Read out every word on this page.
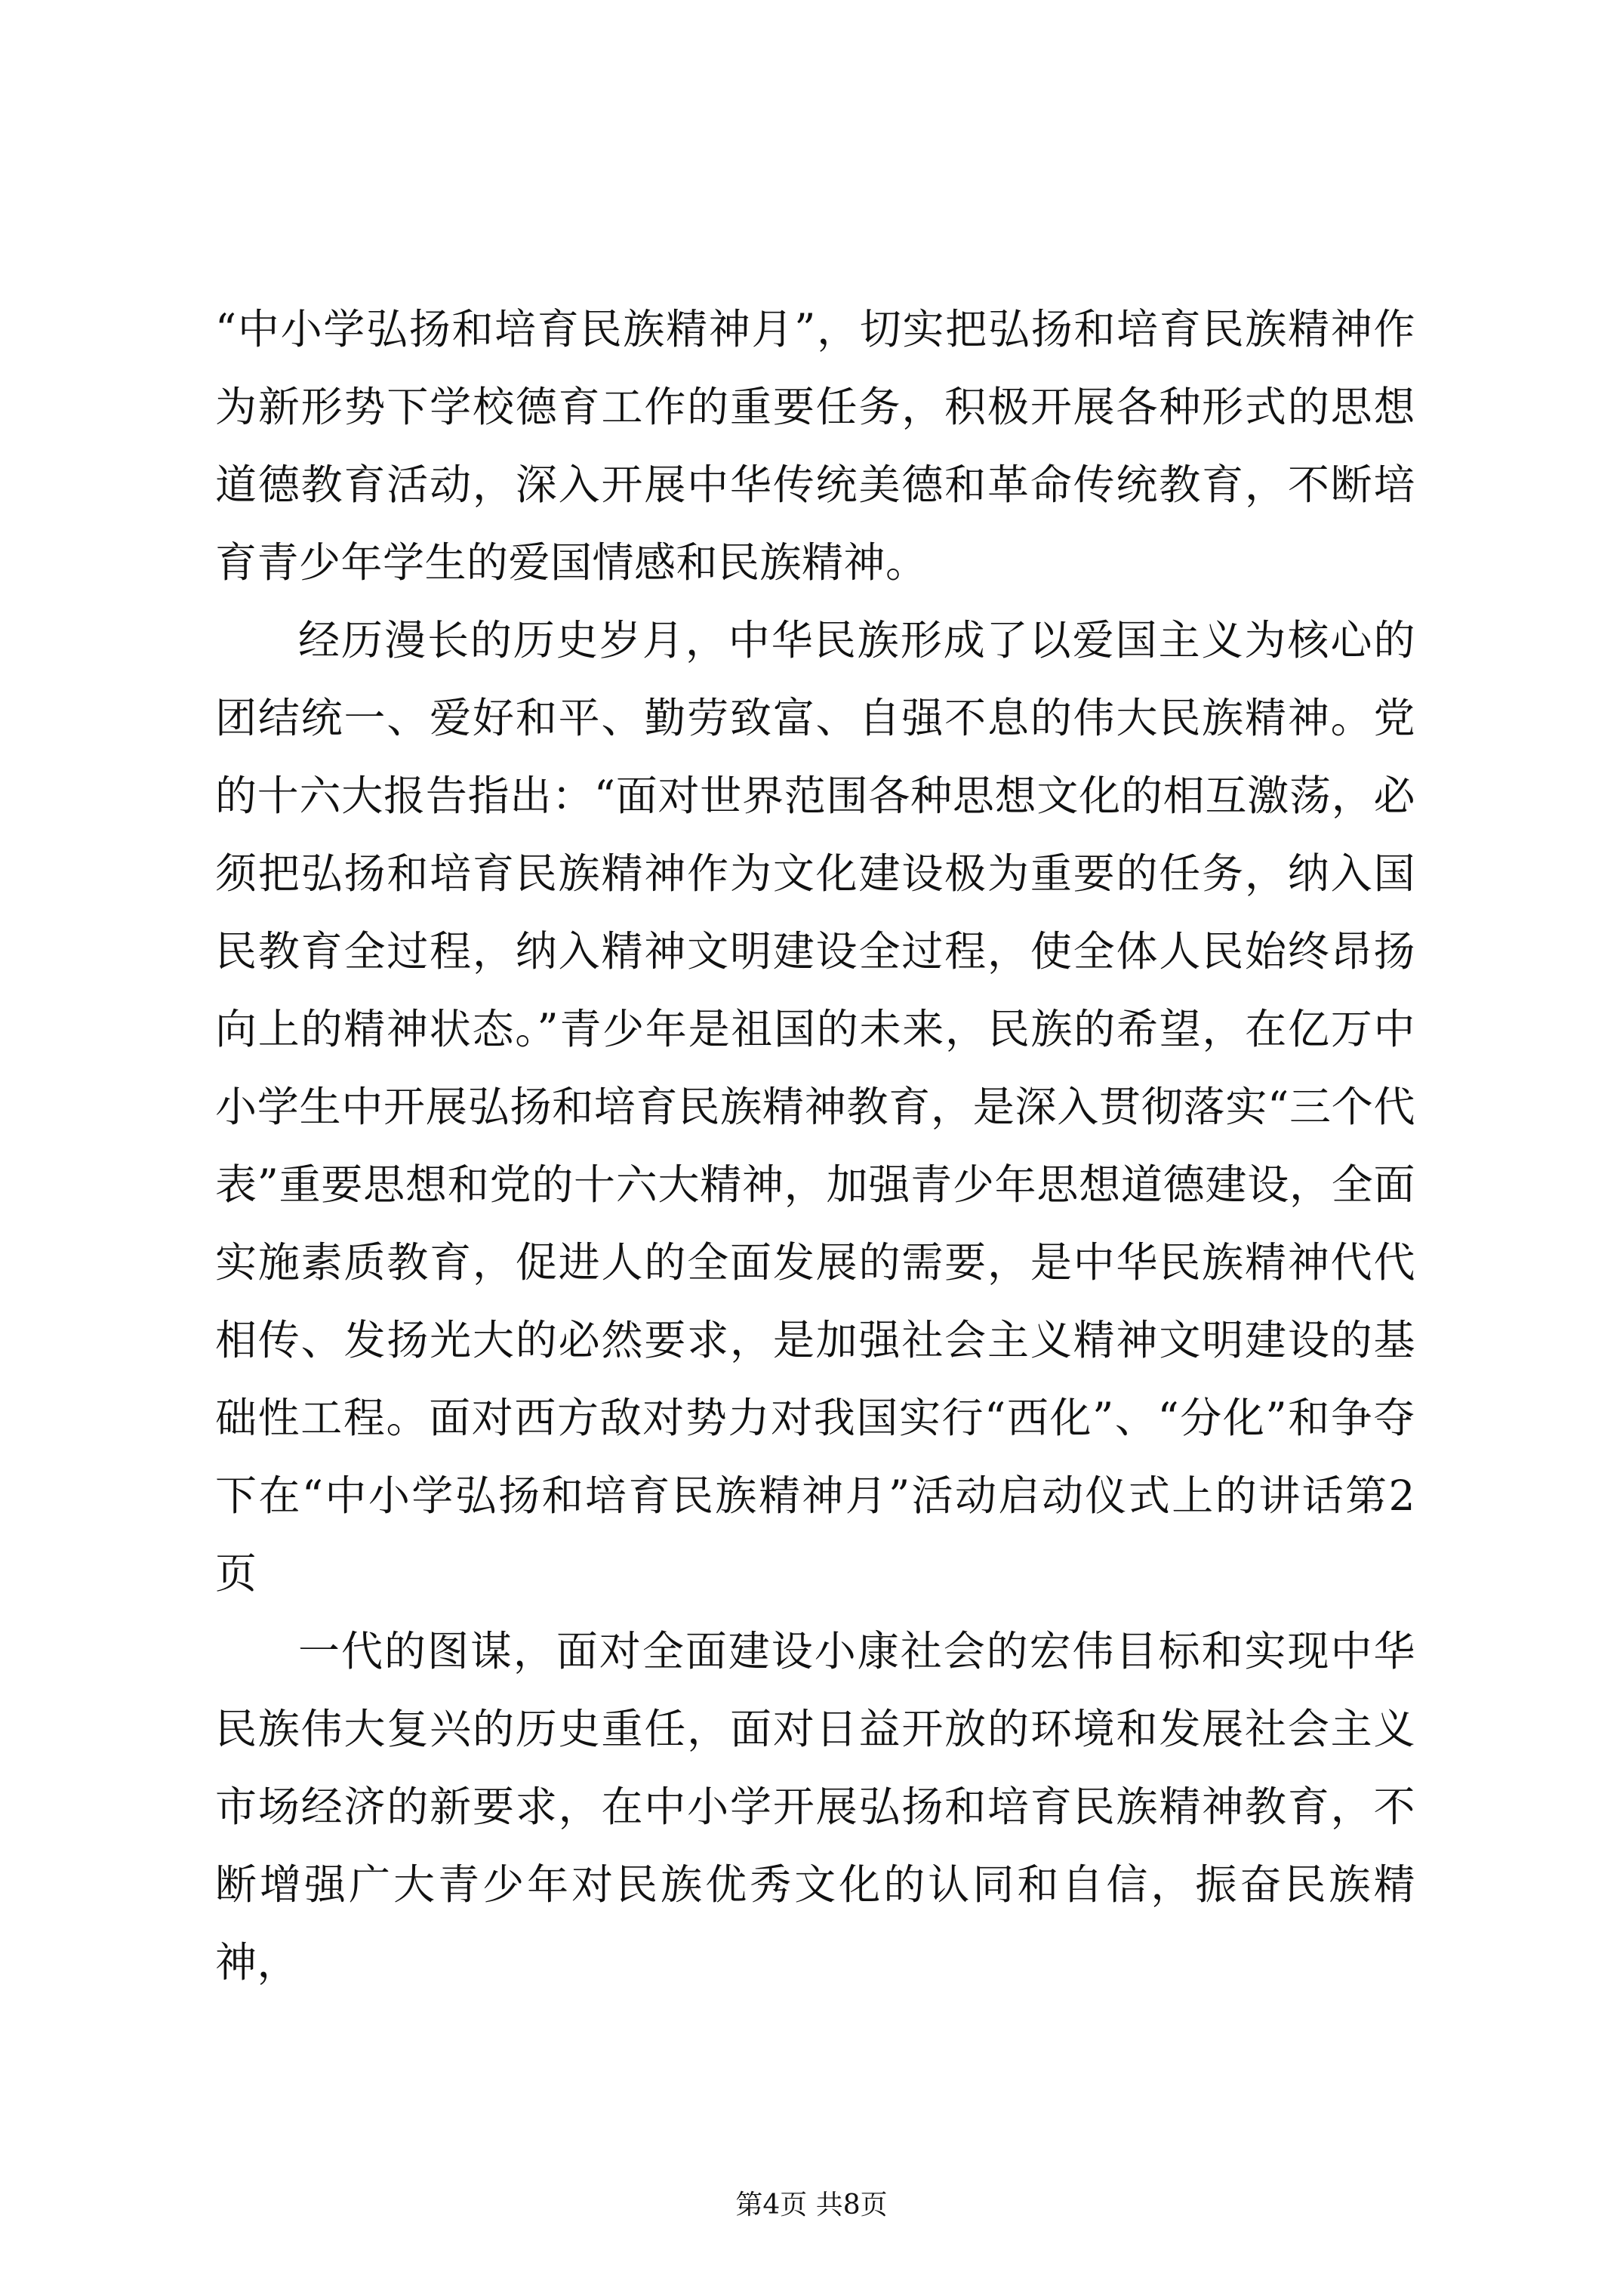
“中小学弘扬和培育民族精神月”，切实把弘扬和培育民族精神作为新形势下学校德育工作的重要任务，积极开展各种形式的思想道德教育活动，深入开展中华传统美德和革命传统教育，不断培育青少年学生的爱国情感和民族精神。

经历漫长的历史岁月，中华民族形成了以爱国主义为核心的团结统一、爱好和平、勤劳致富、自强不息的伟大民族精神。党的十六大报告指出：“面对世界范围各种思想文化的相互激荡，必须把弘扬和培育民族精神作为文化建设极为重要的任务，纳入国民教育全过程，纳入精神文明建设全过程，使全体人民始终昂扬向上的精神状态。”青少年是祖国的未来，民族的希望，在亿万中小学生中开展弘扬和培育民族精神教育，是深入贯彻落实“三个代表”重要思想和党的十六大精神，加强青少年思想道德建设，全面实施素质教育，促进人的全面发展的需要，是中华民族精神代代相传、发扬光大的必然要求，是加强社会主义精神文明建设的基础性工程。面对西方敌对势力对我国实行“西化”、“分化”和争夺下在“中小学弘扬和培育民族精神月”活动启动仪式上的讲话第2页

一代的图谋，面对全面建设小康社会的宏伟目标和实现中华民族伟大复兴的历史重任，面对日益开放的环境和发展社会主义市场经济的新要求，在中小学开展弘扬和培育民族精神教育，不断增强广大青少年对民族优秀文化的认同和自信，振奋民族精神，

第4页 共8页
